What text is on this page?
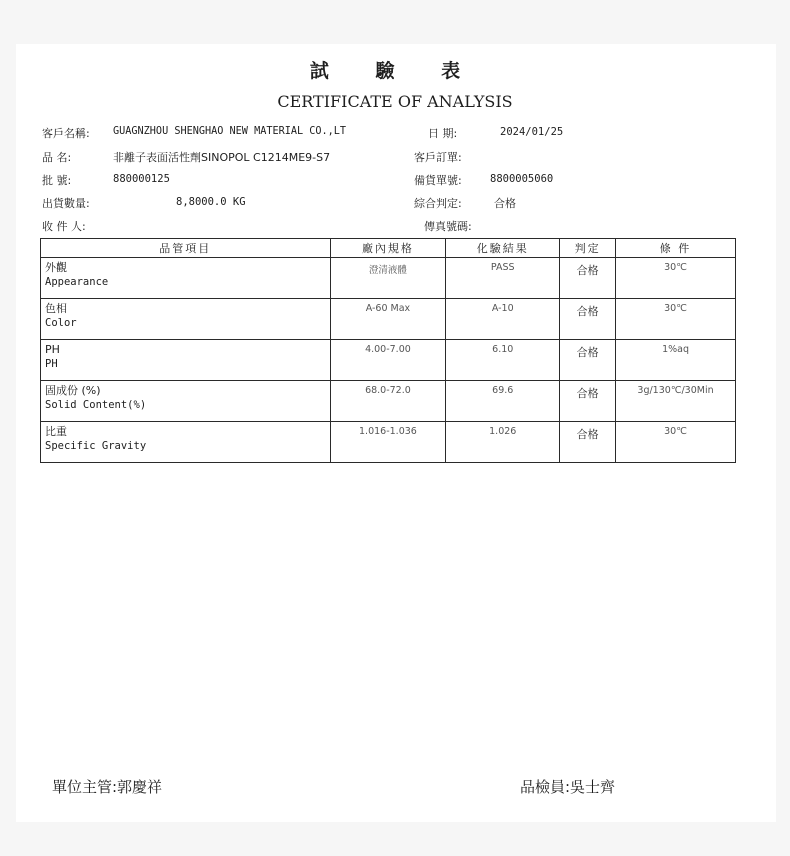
試 驗 表
CERTIFICATE OF ANALYSIS
客戶名稱: GUAGNZHOU SHENGHAO NEW MATERIAL CO.,LT	日 期:	2024/01/25
品 名:	非離子表面活性劑SINOPOL C1214ME9-S7	客戶訂單:
批 號:	880000125	備貨單號:	8800005060
出貨數量:	8,8000.0 KG	綜合判定:	合格
收 件 人:	傳真號碼:
品管項目	廠內規格	化驗結果	判定	條 件

外觀
Appearance	澄清液體	PASS	合格	30℃

色相
Color	A-60 Max	A-10	合格	30℃

PH
PH	4.00-7.00	6.10	合格	1%aq

固成份 (%)
Solid Content(%)	68.0-72.0	69.6	合格	3g/130℃/30Min

比重
Specific Gravity	1.016-1.036	1.026	合格	30℃
單位主管:郭慶祥	品檢員:吳士齊
